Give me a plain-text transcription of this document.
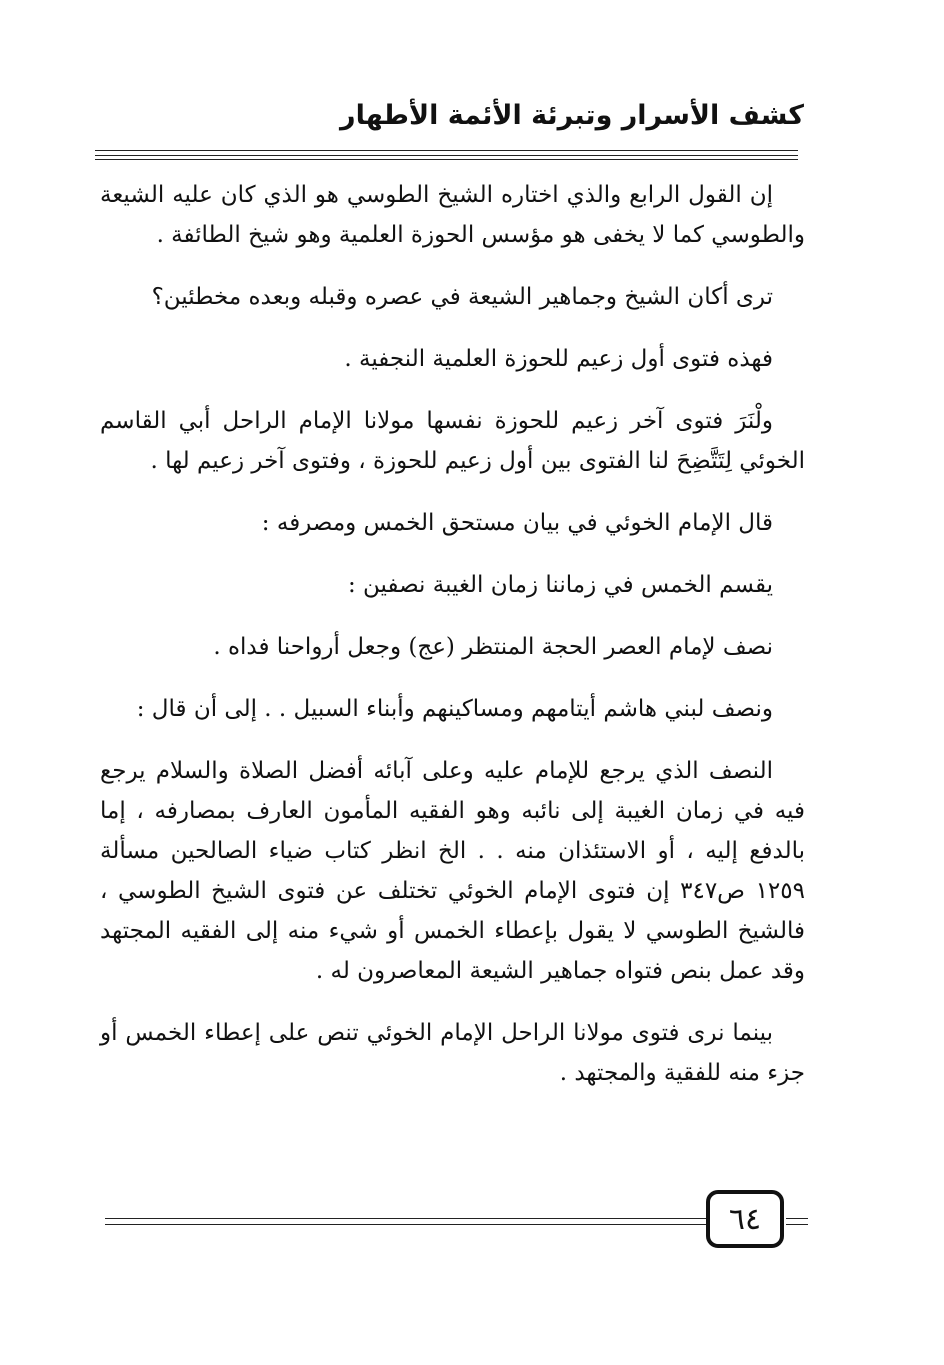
كشف الأسرار وتبرئة الأئمة الأطهار

إن القول الرابع والذي اختاره الشيخ الطوسي هو الذي كان عليه الشيعة والطوسي كما لا يخفى هو مؤسس الحوزة العلمية وهو شيخ الطائفة .

ترى أكان الشيخ وجماهير الشيعة في عصره وقبله وبعده مخطئين؟

فهذه فتوى أول زعيم للحوزة العلمية النجفية .

ولْنَرَ فتوى آخر زعيم للحوزة نفسها مولانا الإمام الراحل أبي القاسم الخوئي لِتَتَّضِحَ لنا الفتوى بين أول زعيم للحوزة ، وفتوى آخر زعيم لها .

قال الإمام الخوئي في بيان مستحق الخمس ومصرفه :

يقسم الخمس في زماننا زمان الغيبة نصفين :

نصف لإمام العصر الحجة المنتظر (عج) وجعل أرواحنا فداه .

ونصف لبني هاشم أيتامهم ومساكينهم وأبناء السبيل . . إلى أن قال :

النصف الذي يرجع للإمام عليه وعلى آبائه أفضل الصلاة والسلام يرجع فيه في زمان الغيبة إلى نائبه وهو الفقيه المأمون العارف بمصارفه ، إما بالدفع إليه ، أو الاستئذان منه . . الخ انظر كتاب ضياء الصالحين مسألة ١٢٥٩ ص٣٤٧ إن فتوى الإمام الخوئي تختلف عن فتوى الشيخ الطوسي ، فالشيخ الطوسي لا يقول بإعطاء الخمس أو شيء منه إلى الفقيه المجتهد وقد عمل بنص فتواه جماهير الشيعة المعاصرون له .

بينما نرى فتوى مولانا الراحل الإمام الخوئي تنص على إعطاء الخمس أو جزء منه للفقية والمجتهد .

٦٤
